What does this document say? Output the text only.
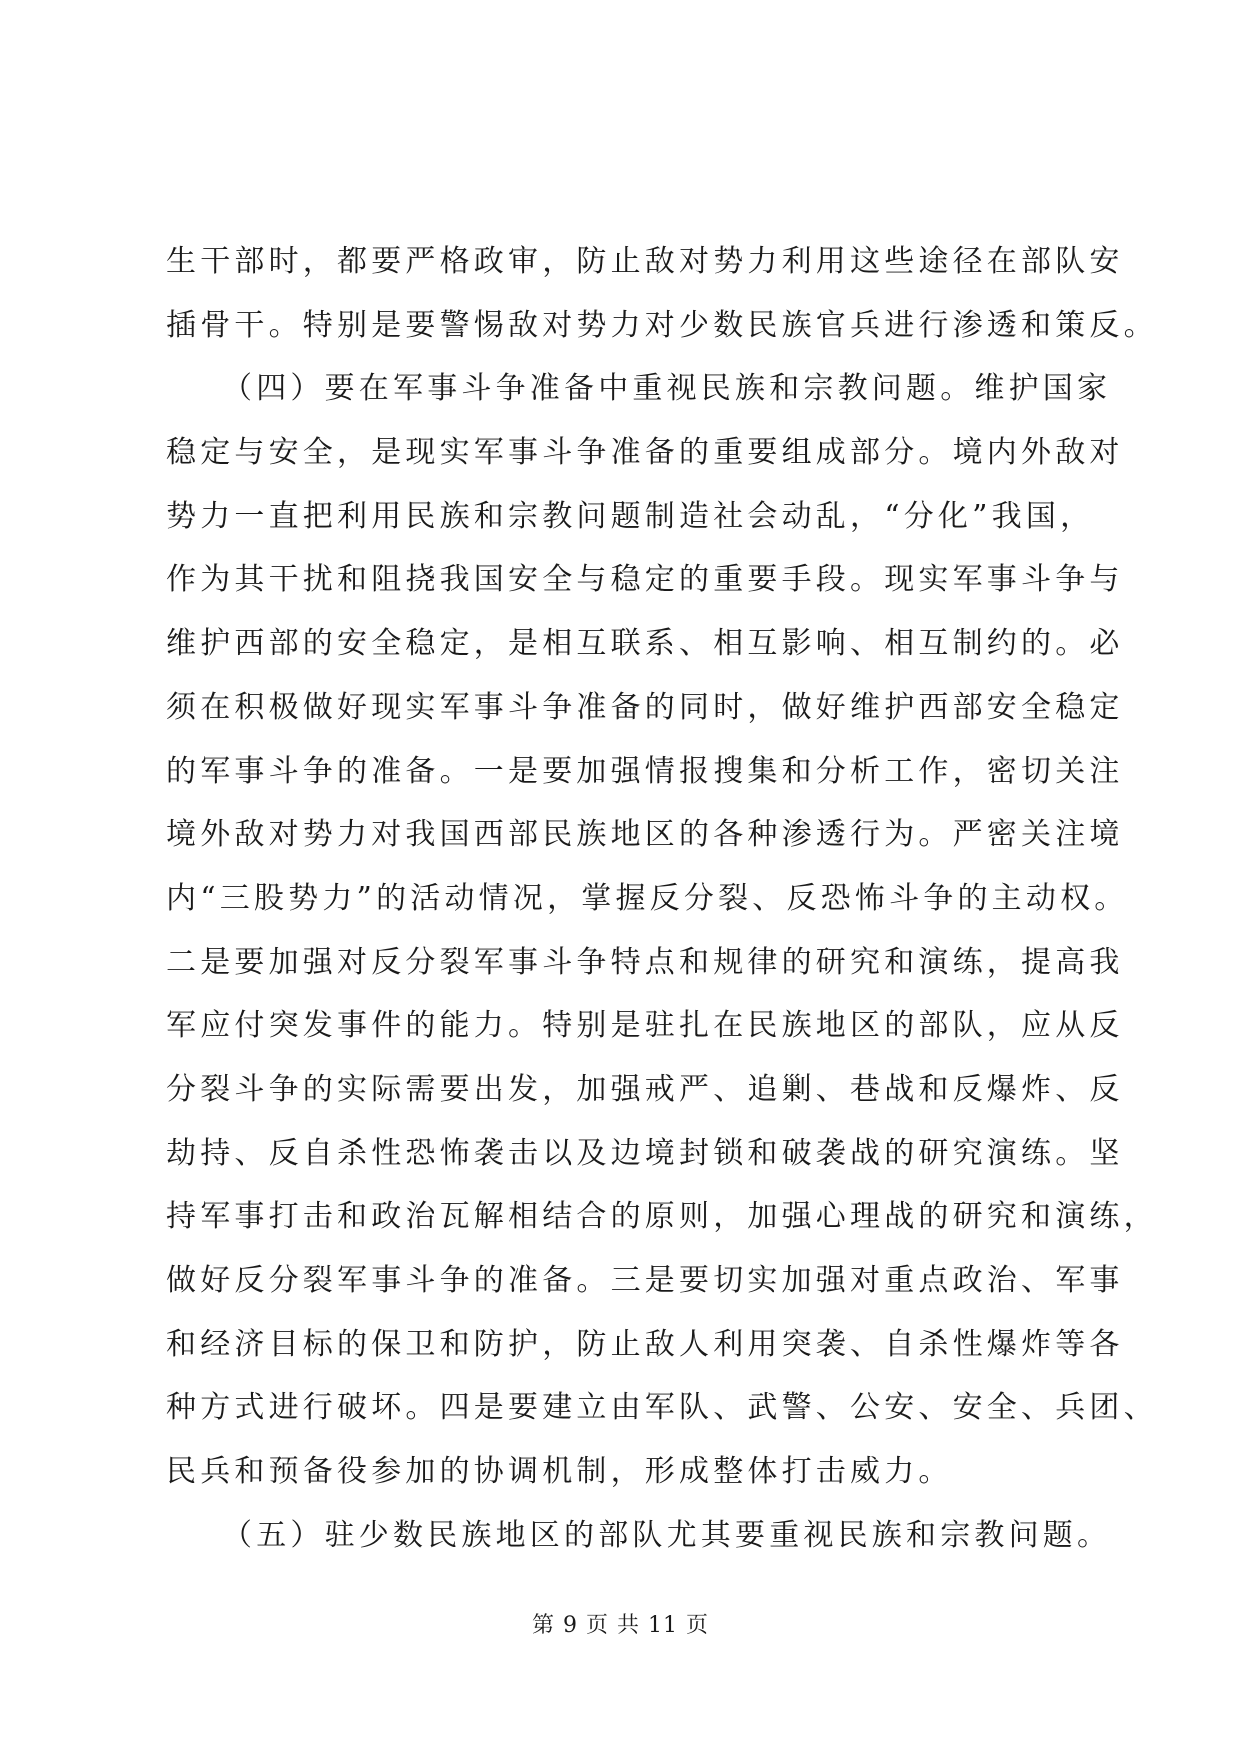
生干部时，都要严格政审，防止敌对势力利用这些途径在部队安
插骨干。特别是要警惕敌对势力对少数民族官兵进行渗透和策反。
（四）要在军事斗争准备中重视民族和宗教问题。维护国家
稳定与安全，是现实军事斗争准备的重要组成部分。境内外敌对
势力一直把利用民族和宗教问题制造社会动乱，“分化”我国，
作为其干扰和阻挠我国安全与稳定的重要手段。现实军事斗争与
维护西部的安全稳定，是相互联系、相互影响、相互制约的。必
须在积极做好现实军事斗争准备的同时，做好维护西部安全稳定
的军事斗争的准备。一是要加强情报搜集和分析工作，密切关注
境外敌对势力对我国西部民族地区的各种渗透行为。严密关注境
内“三股势力”的活动情况，掌握反分裂、反恐怖斗争的主动权。
二是要加强对反分裂军事斗争特点和规律的研究和演练，提高我
军应付突发事件的能力。特别是驻扎在民族地区的部队，应从反
分裂斗争的实际需要出发，加强戒严、追剿、巷战和反爆炸、反
劫持、反自杀性恐怖袭击以及边境封锁和破袭战的研究演练。坚
持军事打击和政治瓦解相结合的原则，加强心理战的研究和演练，
做好反分裂军事斗争的准备。三是要切实加强对重点政治、军事
和经济目标的保卫和防护，防止敌人利用突袭、自杀性爆炸等各
种方式进行破坏。四是要建立由军队、武警、公安、安全、兵团、
民兵和预备役参加的协调机制，形成整体打击威力。
（五）驻少数民族地区的部队尤其要重视民族和宗教问题。
第 9 页 共 11 页
